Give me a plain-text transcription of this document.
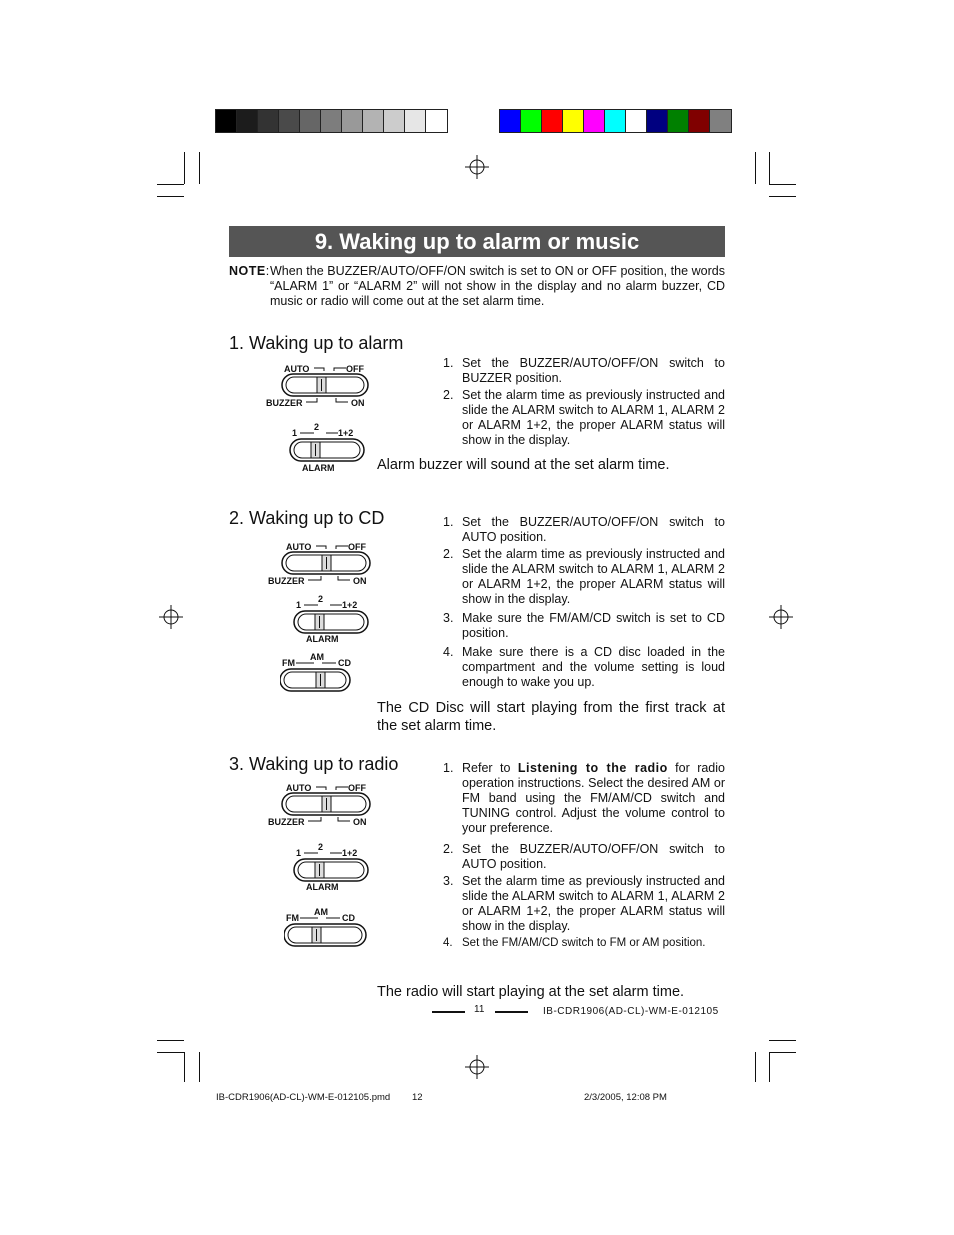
9. Waking up to alarm or music
NOTE: When the BUZZER/AUTO/OFF/ON switch is set to ON or OFF position, the words “ALARM 1” or “ALARM 2” will not show in the display and no alarm buzzer, CD music or radio will come out at the set alarm time.
1. Waking up to alarm
AUTO	OFF
BUZZER	ON
1
2
1+2
ALARM
1. Set the BUZZER/AUTO/OFF/ON switch to BUZZER position.
2. Set the alarm time as previously instructed and slide the ALARM switch to ALARM 1, ALARM 2 or ALARM 1+2, the proper ALARM status will show in the display.
Alarm buzzer will sound at the set alarm time.
2. Waking up to CD
AUTO	OFF
BUZZER	ON
1
2
1+2
ALARM
FM
AM
CD
1. Set the BUZZER/AUTO/OFF/ON switch to AUTO position.
2. Set the alarm time as previously instructed and slide the ALARM switch to ALARM 1, ALARM 2 or ALARM 1+2, the proper ALARM status will show in the display.
3. Make sure the FM/AM/CD switch is set to CD position.
4. Make sure there is a CD disc loaded in the compartment and the volume setting is loud enough to wake you up.
The CD Disc will start playing from the first track at the set alarm time.
3. Waking up to radio
AUTO	OFF
BUZZER	ON
1
2
1+2
ALARM
FM
AM
CD
1. Refer to Listening to the radio for radio operation instructions. Select the desired AM or FM band using the FM/AM/CD switch and TUNING control. Adjust the volume control to your preference.
2. Set the BUZZER/AUTO/OFF/ON switch to AUTO position.
3. Set the alarm time as previously instructed and slide the ALARM switch to ALARM 1, ALARM 2 or ALARM 1+2, the proper ALARM status will show in the display.
4. Set the FM/AM/CD switch to FM or AM position.
The radio will start playing at the set alarm time.
11	IB-CDR1906(AD-CL)-WM-E-012105
IB-CDR1906(AD-CL)-WM-E-012105.pmd 12	2/3/2005, 12:08 PM
